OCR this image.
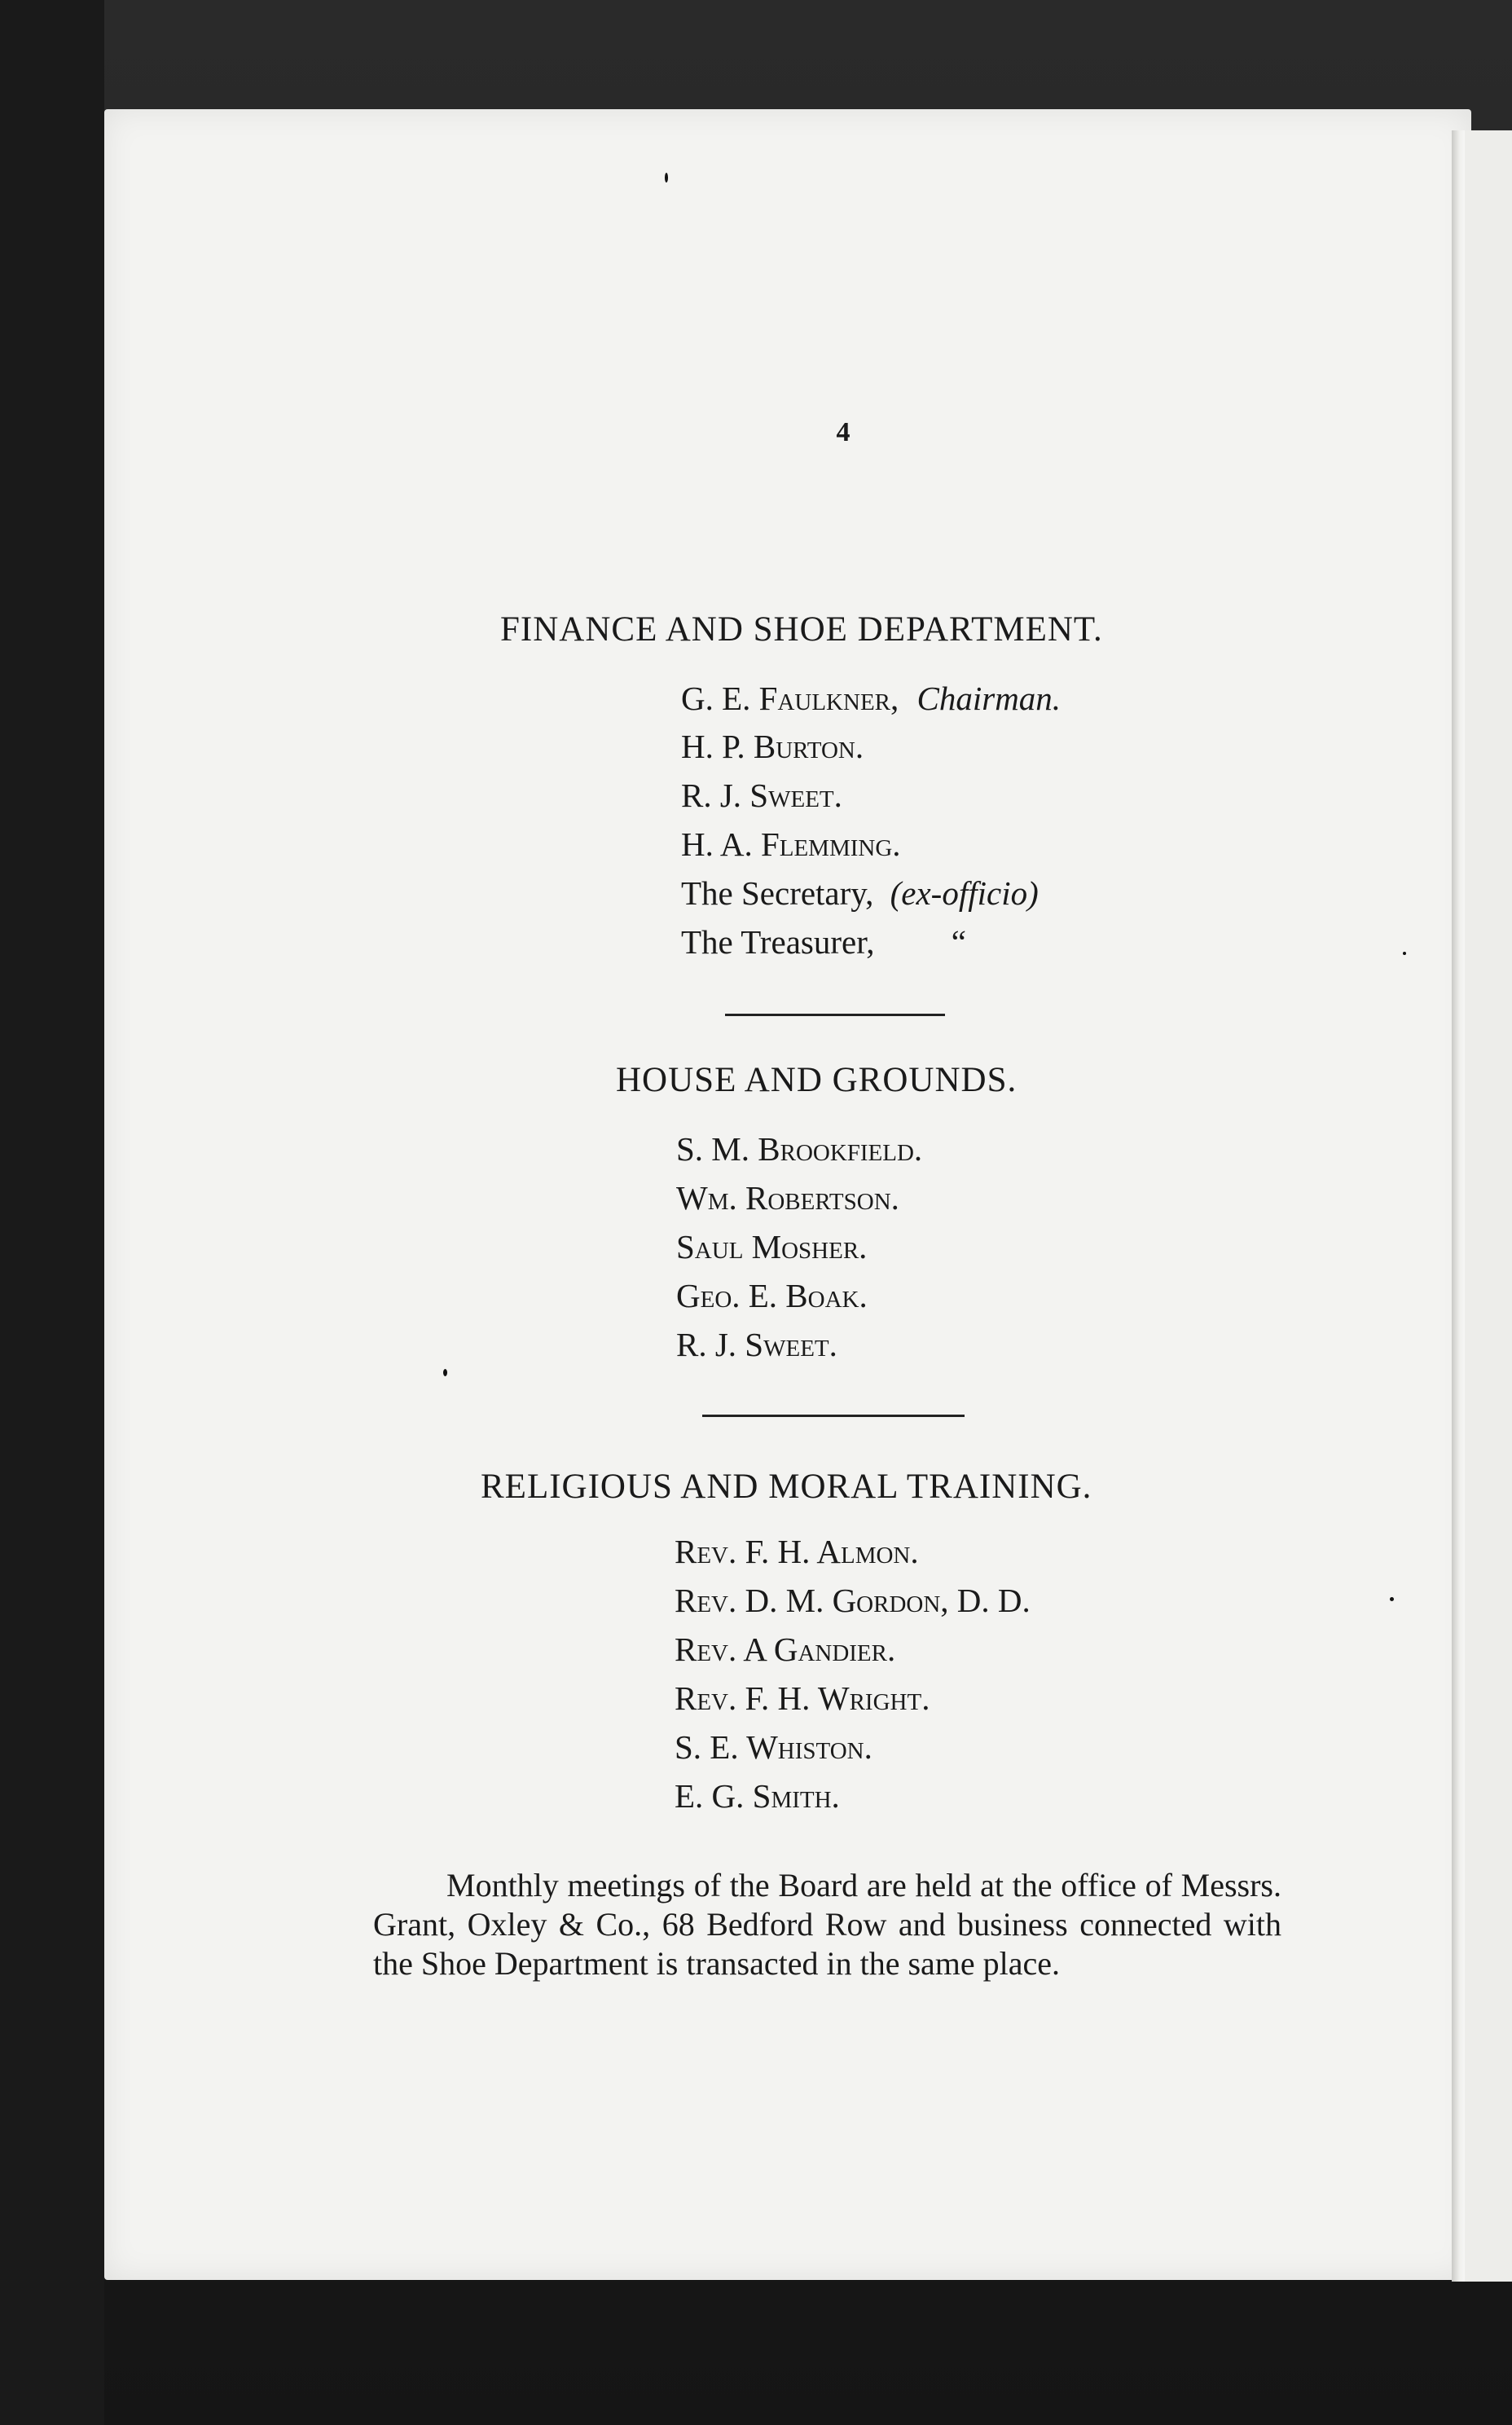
4
FINANCE AND SHOE DEPARTMENT.
G. E. Faulkner, Chairman.
H. P. Burton.
R. J. Sweet.
H. A. Flemming.
The Secretary, (ex-officio)
The Treasurer, “
HOUSE AND GROUNDS.
S. M. Brookfield.
Wm. Robertson.
Saul Mosher.
Geo. E. Boak.
R. J. Sweet.
RELIGIOUS AND MORAL TRAINING.
Rev. F. H. Almon.
Rev. D. M. Gordon, D. D.
Rev. A Gandier.
Rev. F. H. Wright.
S. E. Whiston.
E. G. Smith.
Monthly meetings of the Board are held at the office of Messrs. Grant, Oxley & Co., 68 Bedford Row and business connected with the Shoe Department is transacted in the same place.
